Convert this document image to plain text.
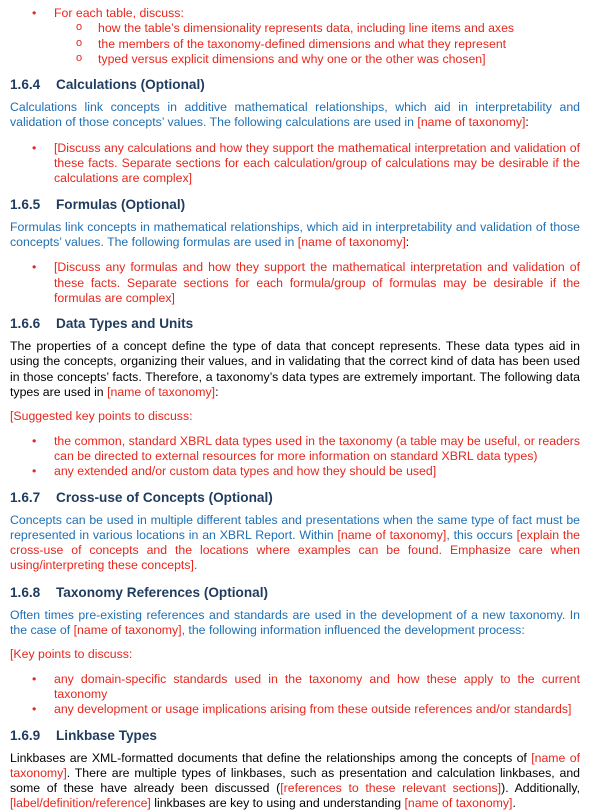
• For each table, discuss:
o how the table’s dimensionality represents data, including line items and axes
o the members of the taxonomy-defined dimensions and what they represent
o typed versus explicit dimensions and why one or the other was chosen]
1.6.4 Calculations (Optional)

Calculations link concepts in additive mathematical relationships, which aid in interpretability and validation of those concepts’ values. The following calculations are used in [name of taxonomy]:

• [Discuss any calculations and how they support the mathematical interpretation and validation of these facts. Separate sections for each calculation/group of calculations may be desirable if the calculations are complex]
1.6.5 Formulas (Optional)

Formulas link concepts in mathematical relationships, which aid in interpretability and validation of those concepts’ values. The following formulas are used in [name of taxonomy]:

• [Discuss any formulas and how they support the mathematical interpretation and validation of these facts. Separate sections for each formula/group of formulas may be desirable if the formulas are complex]
1.6.6 Data Types and Units

The properties of a concept define the type of data that concept represents. These data types aid in using the concepts, organizing their values, and in validating that the correct kind of data has been used in those concepts’ facts. Therefore, a taxonomy’s data types are extremely important. The following data types are used in [name of taxonomy]:

[Suggested key points to discuss:

• the common, standard XBRL data types used in the taxonomy (a table may be useful, or readers can be directed to external resources for more information on standard XBRL data types)
• any extended and/or custom data types and how they should be used]
1.6.7 Cross-use of Concepts (Optional)

Concepts can be used in multiple different tables and presentations when the same type of fact must be represented in various locations in an XBRL Report. Within [name of taxonomy], this occurs [explain the cross-use of concepts and the locations where examples can be found. Emphasize care when using/interpreting these concepts].

1.6.8 Taxonomy References (Optional)

Often times pre-existing references and standards are used in the development of a new taxonomy. In the case of [name of taxonomy], the following information influenced the development process:

[Key points to discuss:

• any domain-specific standards used in the taxonomy and how these apply to the current taxonomy
• any development or usage implications arising from these outside references and/or standards]
1.6.9 Linkbase Types

Linkbases are XML-formatted documents that define the relationships among the concepts of [name of taxonomy]. There are multiple types of linkbases, such as presentation and calculation linkbases, and some of these have already been discussed ([references to these relevant sections]). Additionally, [label/definition/reference] linkbases are key to using and understanding [name of taxonomy].
